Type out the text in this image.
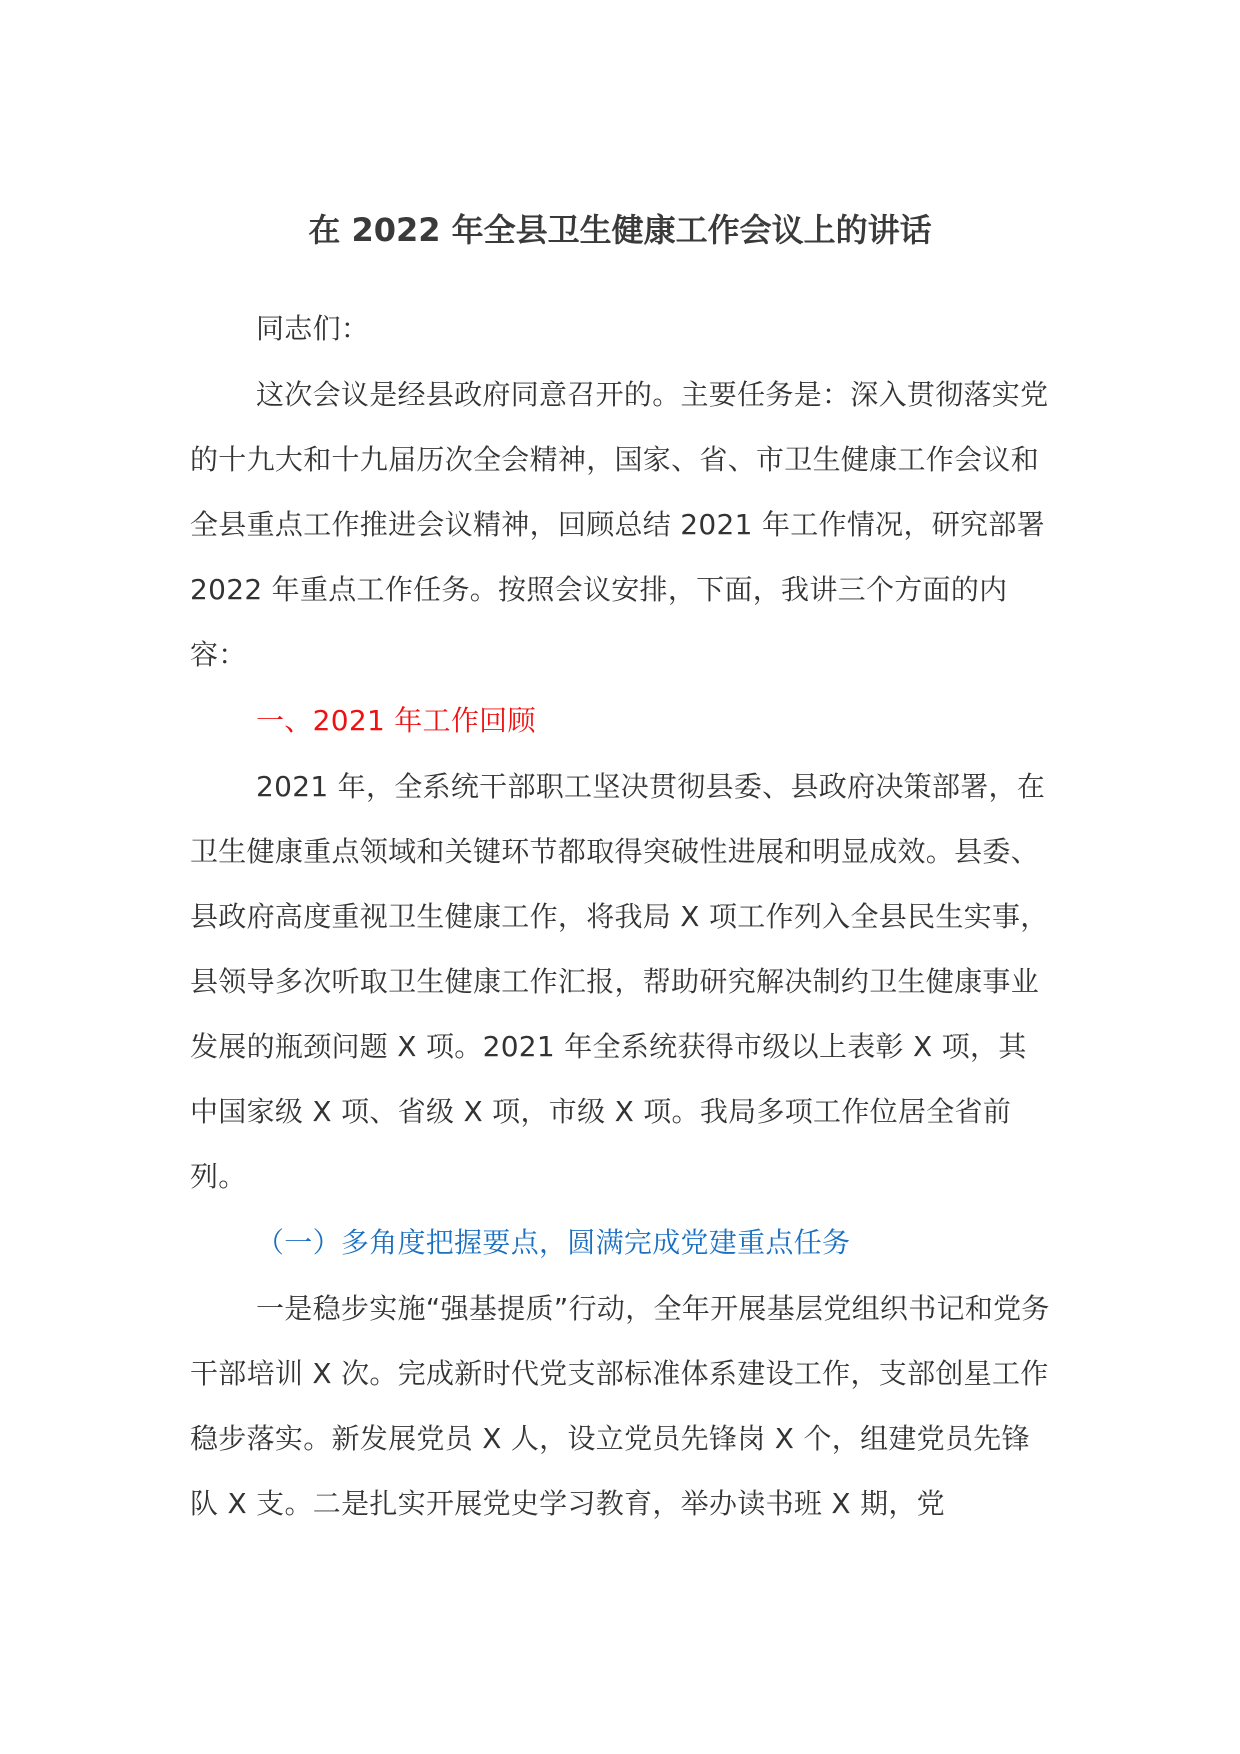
在 2022 年全县卫生健康工作会议上的讲话

同志们：

这次会议是经县政府同意召开的。主要任务是：深入贯彻落实党的十九大和十九届历次全会精神，国家、省、市卫生健康工作会议和全县重点工作推进会议精神，回顾总结 2021 年工作情况，研究部署 2022 年重点工作任务。按照会议安排，下面，我讲三个方面的内容：

一、2021 年工作回顾

2021 年，全系统干部职工坚决贯彻县委、县政府决策部署，在卫生健康重点领域和关键环节都取得突破性进展和明显成效。县委、县政府高度重视卫生健康工作，将我局 X 项工作列入全县民生实事，县领导多次听取卫生健康工作汇报，帮助研究解决制约卫生健康事业发展的瓶颈问题 X 项。2021 年全系统获得市级以上表彰 X 项，其中国家级 X 项、省级 X 项，市级 X 项。我局多项工作位居全省前列。

（一）多角度把握要点，圆满完成党建重点任务

一是稳步实施“强基提质”行动，全年开展基层党组织书记和党务干部培训 X 次。完成新时代党支部标准体系建设工作，支部创星工作稳步落实。新发展党员 X 人，设立党员先锋岗 X 个，组建党员先锋队 X 支。二是扎实开展党史学习教育，举办读书班 X 期，党
